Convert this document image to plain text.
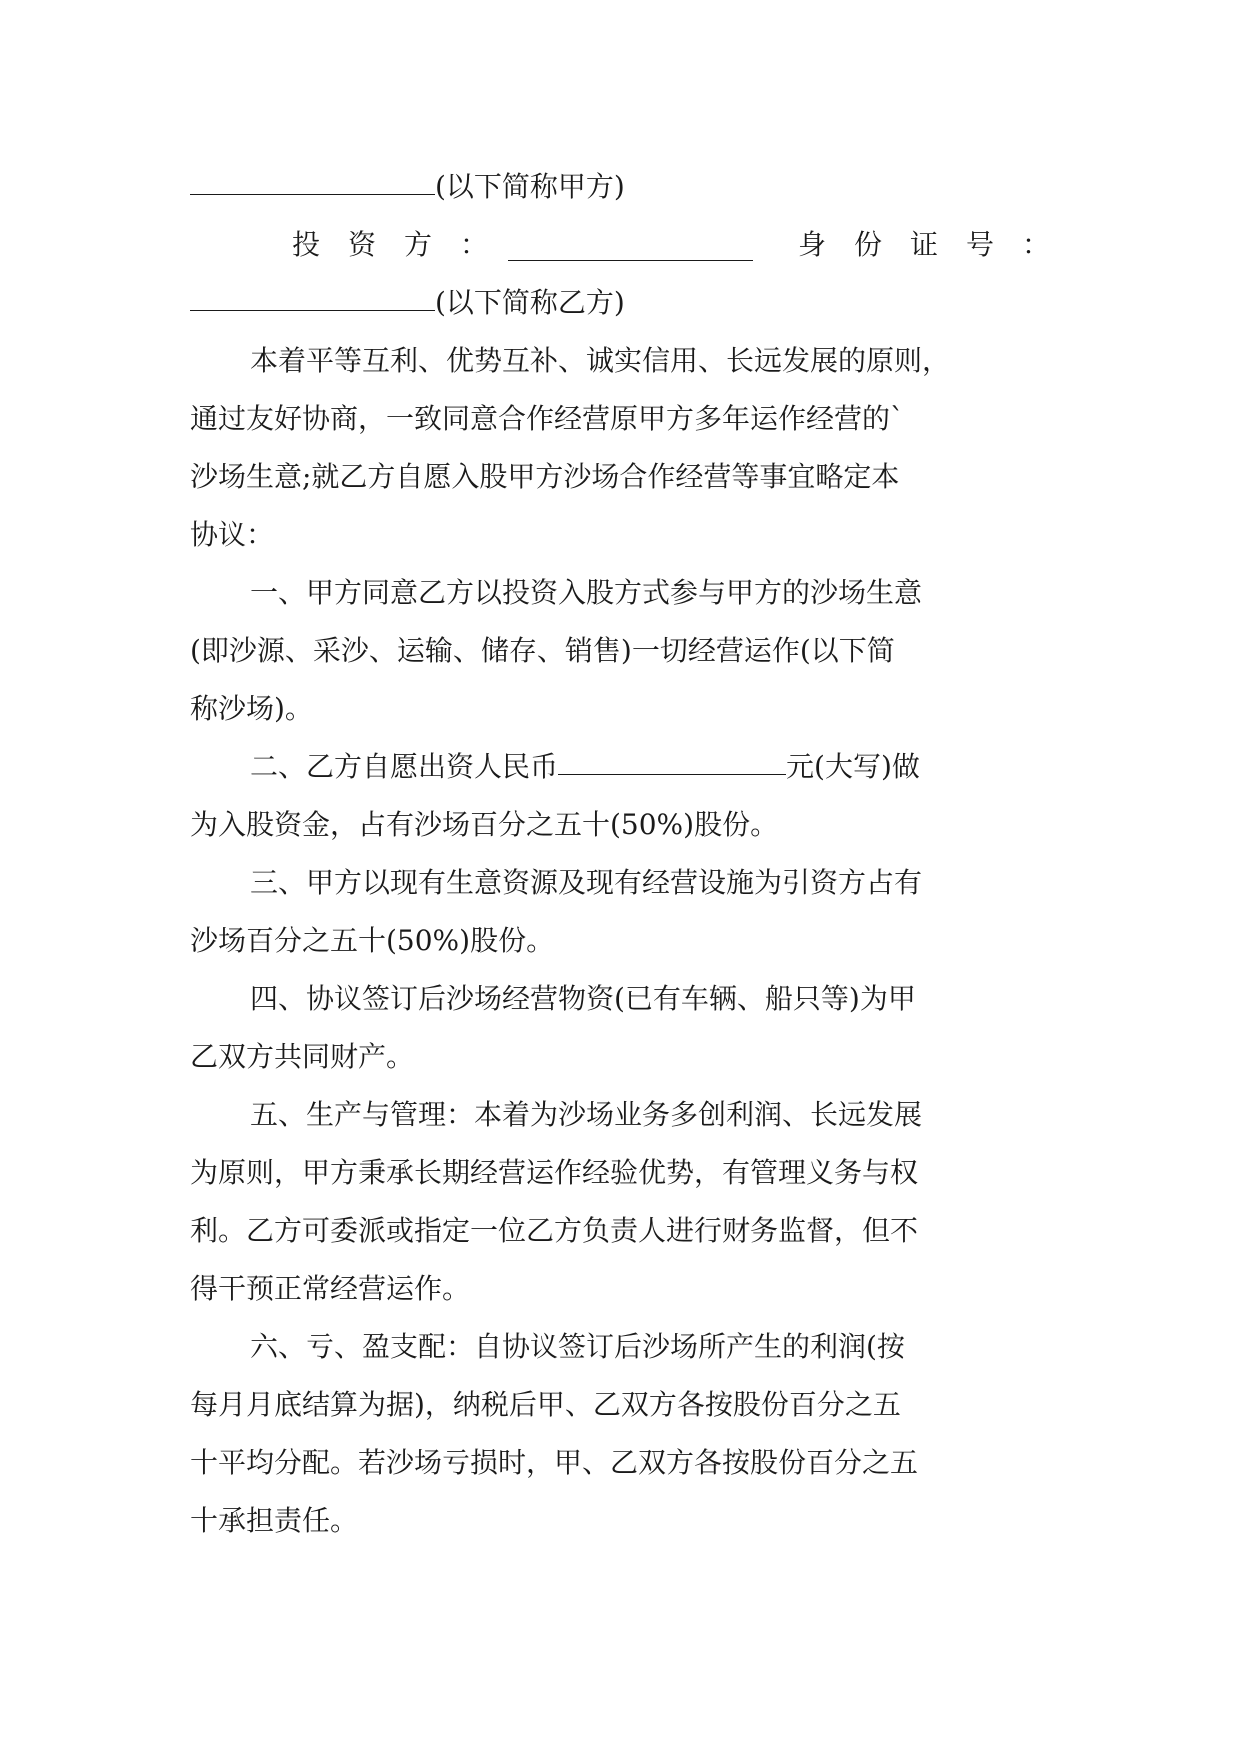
(以下简称甲方)
投　资　方　：	身　份　证　号　：
(以下简称乙方)
本着平等互利、优势互补、诚实信用、长远发展的原则，
通过友好协商，一致同意合作经营原甲方多年运作经营的`
沙场生意;就乙方自愿入股甲方沙场合作经营等事宜略定本
协议：
一、甲方同意乙方以投资入股方式参与甲方的沙场生意
(即沙源、采沙、运输、储存、销售)一切经营运作(以下简
称沙场)。
二、乙方自愿出资人民币	元(大写)做
为入股资金，占有沙场百分之五十(50%)股份。
三、甲方以现有生意资源及现有经营设施为引资方占有
沙场百分之五十(50%)股份。
四、协议签订后沙场经营物资(已有车辆、船只等)为甲
乙双方共同财产。
五、生产与管理：本着为沙场业务多创利润、长远发展
为原则，甲方秉承长期经营运作经验优势，有管理义务与权
利。乙方可委派或指定一位乙方负责人进行财务监督，但不
得干预正常经营运作。
六、亏、盈支配：自协议签订后沙场所产生的利润(按
每月月底结算为据)，纳税后甲、乙双方各按股份百分之五
十平均分配。若沙场亏损时，甲、乙双方各按股份百分之五
十承担责任。
